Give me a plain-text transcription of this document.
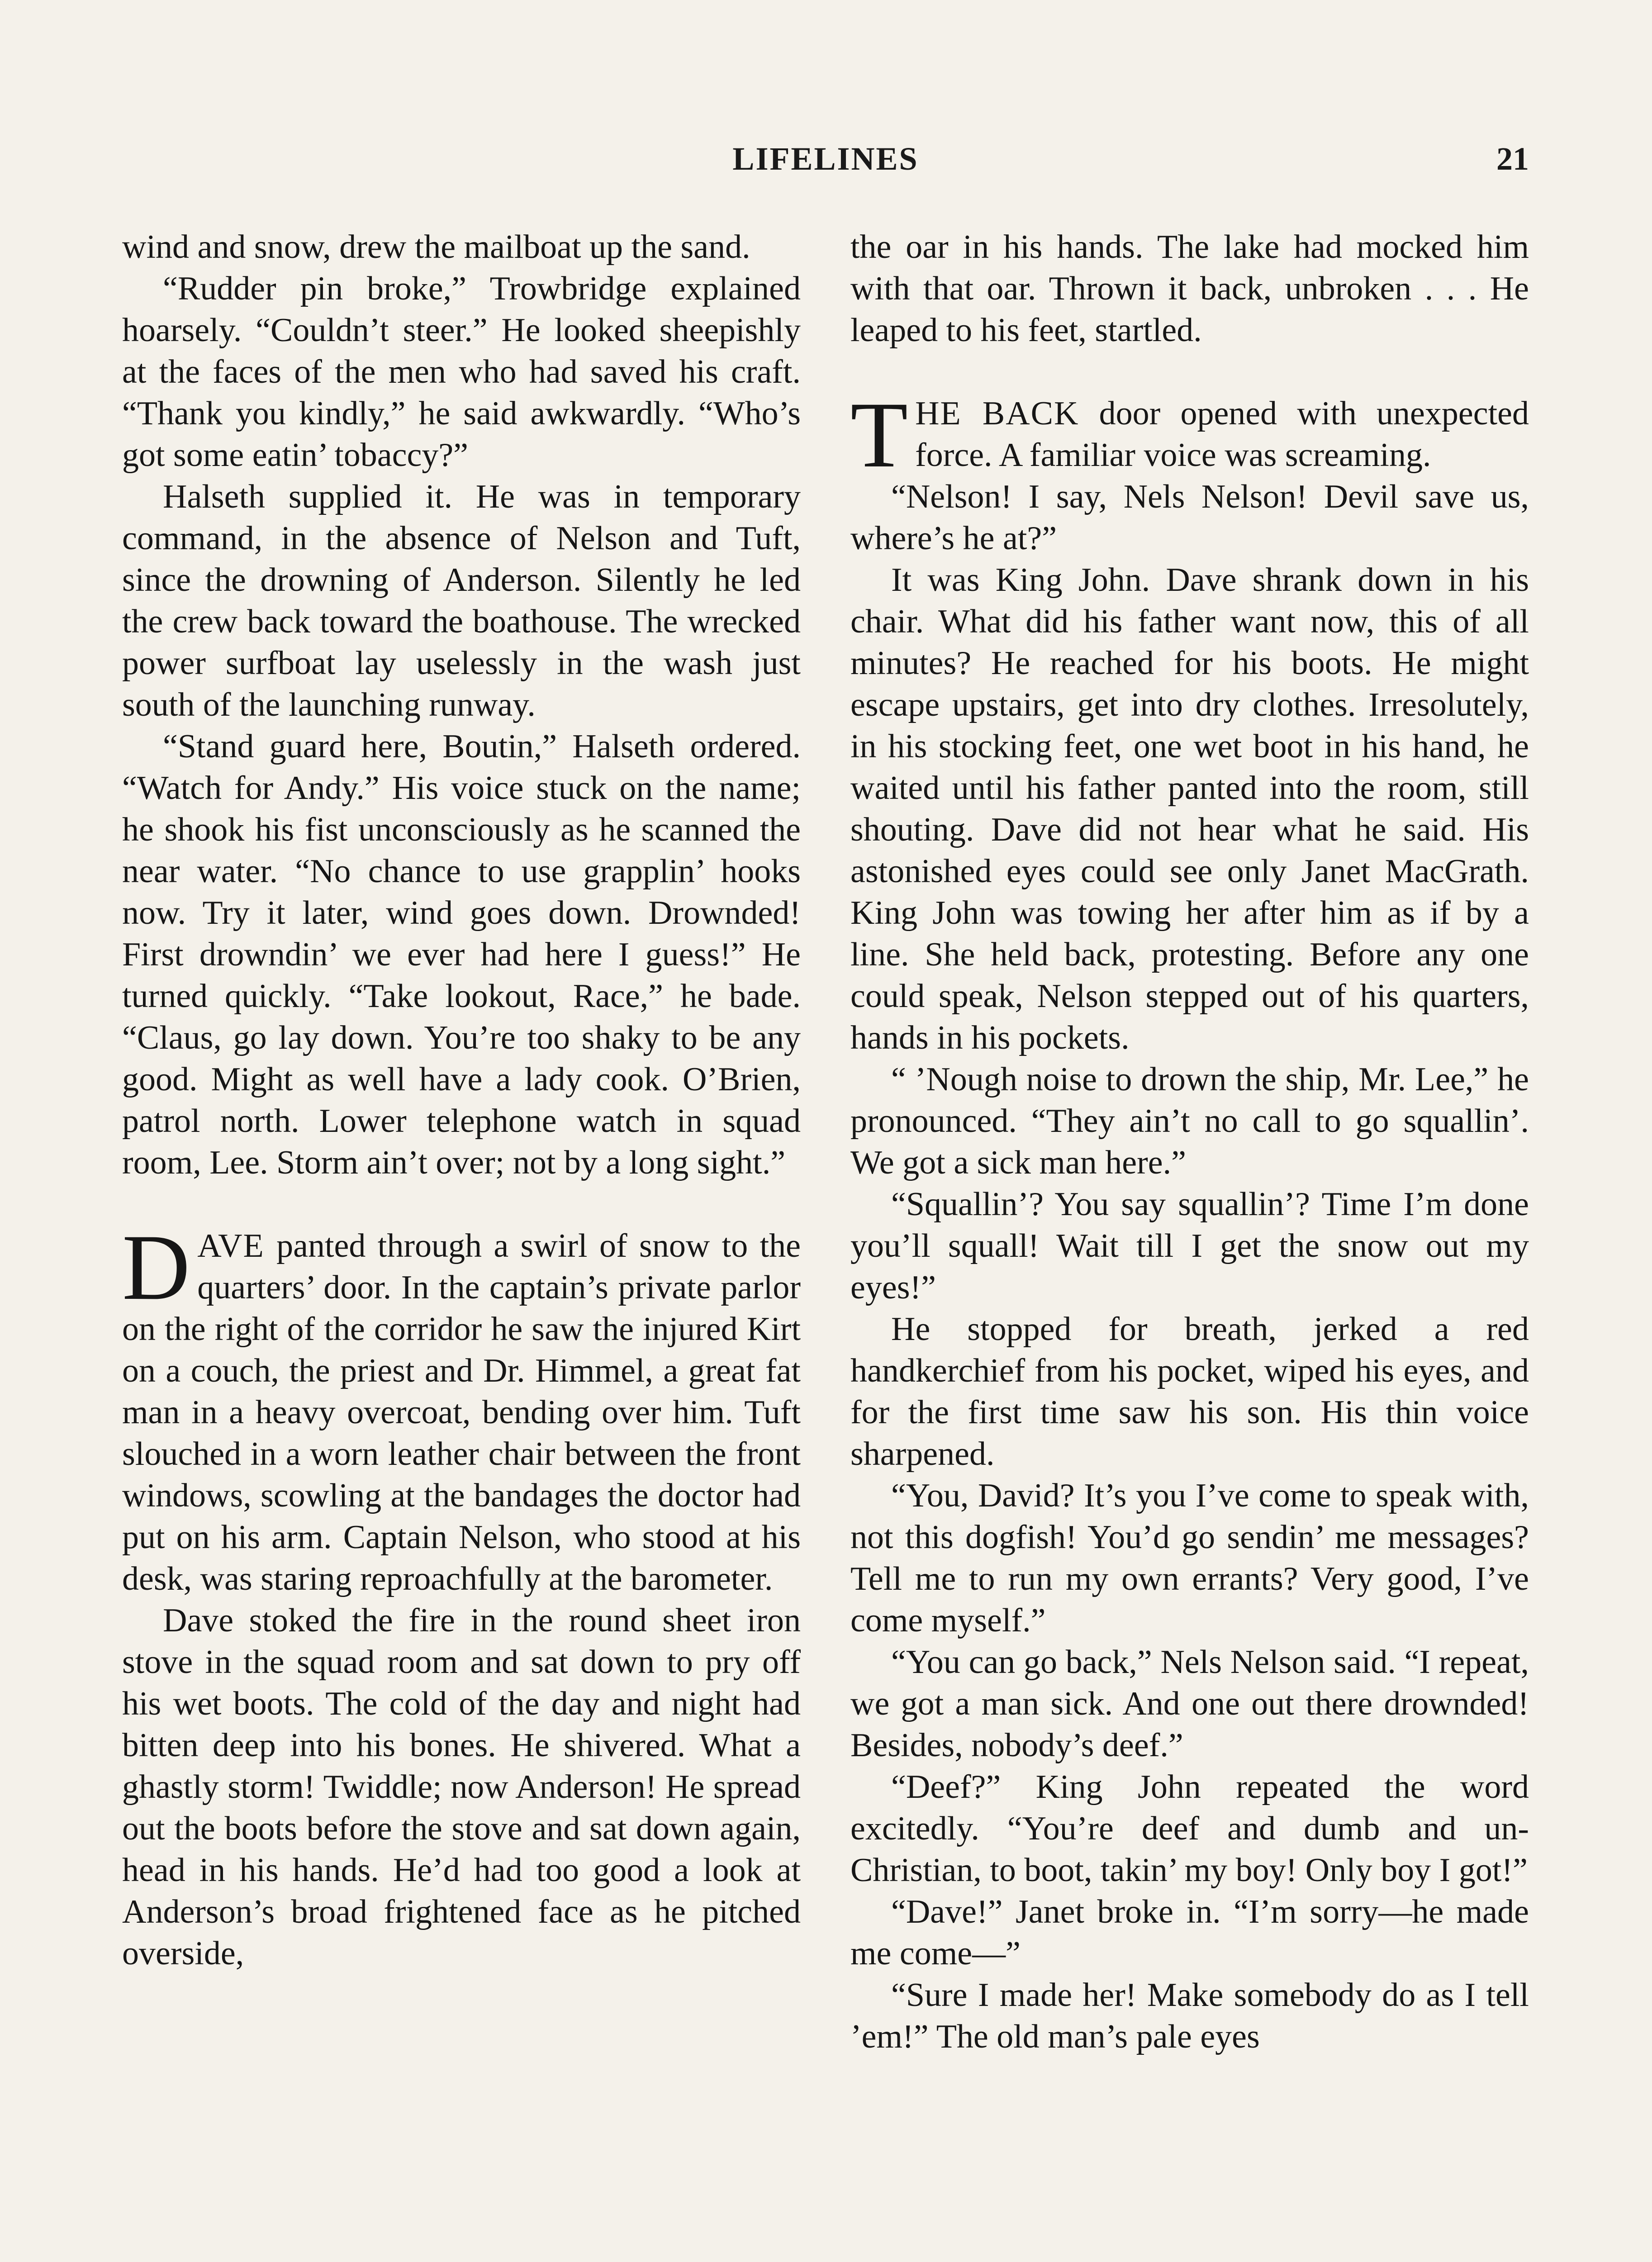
LIFELINES	21

wind and snow, drew the mailboat up the sand.

“Rudder pin broke,” Trowbridge explained hoarsely. “Couldn’t steer.” He looked sheepishly at the faces of the men who had saved his craft. “Thank you kindly,” he said awkwardly. “Who’s got some eatin’ tobaccy?”

Halseth supplied it. He was in temporary command, in the absence of Nelson and Tuft, since the drowning of Anderson. Silently he led the crew back toward the boathouse. The wrecked power surfboat lay uselessly in the wash just south of the launching runway.

“Stand guard here, Boutin,” Halseth ordered. “Watch for Andy.” His voice stuck on the name; he shook his fist unconsciously as he scanned the near water. “No chance to use grapplin’ hooks now. Try it later, wind goes down. Drownded! First drowndin’ we ever had here I guess!” He turned quickly. “Take lookout, Race,” he bade. “Claus, go lay down. You’re too shaky to be any good. Might as well have a lady cook. O’Brien, patrol north. Lower telephone watch in squad room, Lee. Storm ain’t over; not by a long sight.”

DAVE panted through a swirl of snow to the quarters’ door. In the captain’s private parlor on the right of the corridor he saw the injured Kirt on a couch, the priest and Dr. Himmel, a great fat man in a heavy overcoat, bending over him. Tuft slouched in a worn leather chair between the front windows, scowling at the bandages the doctor had put on his arm. Captain Nelson, who stood at his desk, was staring reproachfully at the barometer.

Dave stoked the fire in the round sheet iron stove in the squad room and sat down to pry off his wet boots. The cold of the day and night had bitten deep into his bones. He shivered. What a ghastly storm! Twiddle; now Anderson! He spread out the boots before the stove and sat down again, head in his hands. He’d had too good a look at Anderson’s broad frightened face as he pitched overside,

the oar in his hands. The lake had mocked him with that oar. Thrown it back, unbroken . . . He leaped to his feet, startled.

THE BACK door opened with unexpected force. A familiar voice was screaming.

“Nelson! I say, Nels Nelson! Devil save us, where’s he at?”

It was King John. Dave shrank down in his chair. What did his father want now, this of all minutes? He reached for his boots. He might escape upstairs, get into dry clothes. Irresolutely, in his stocking feet, one wet boot in his hand, he waited until his father panted into the room, still shouting. Dave did not hear what he said. His astonished eyes could see only Janet MacGrath. King John was towing her after him as if by a line. She held back, protesting. Before any one could speak, Nelson stepped out of his quarters, hands in his pockets.

“ ’Nough noise to drown the ship, Mr. Lee,” he pronounced. “They ain’t no call to go squallin’. We got a sick man here.”

“Squallin’? You say squallin’? Time I’m done you’ll squall! Wait till I get the snow out my eyes!”

He stopped for breath, jerked a red handkerchief from his pocket, wiped his eyes, and for the first time saw his son. His thin voice sharpened.

“You, David? It’s you I’ve come to speak with, not this dogfish! You’d go sendin’ me messages? Tell me to run my own errants? Very good, I’ve come myself.”

“You can go back,” Nels Nelson said. “I repeat, we got a man sick. And one out there drownded! Besides, nobody’s deef.”

“Deef?” King John repeated the word excitedly. “You’re deef and dumb and un-Christian, to boot, takin’ my boy! Only boy I got!”

“Dave!” Janet broke in. “I’m sorry—he made me come—”

“Sure I made her! Make somebody do as I tell ’em!” The old man’s pale eyes
